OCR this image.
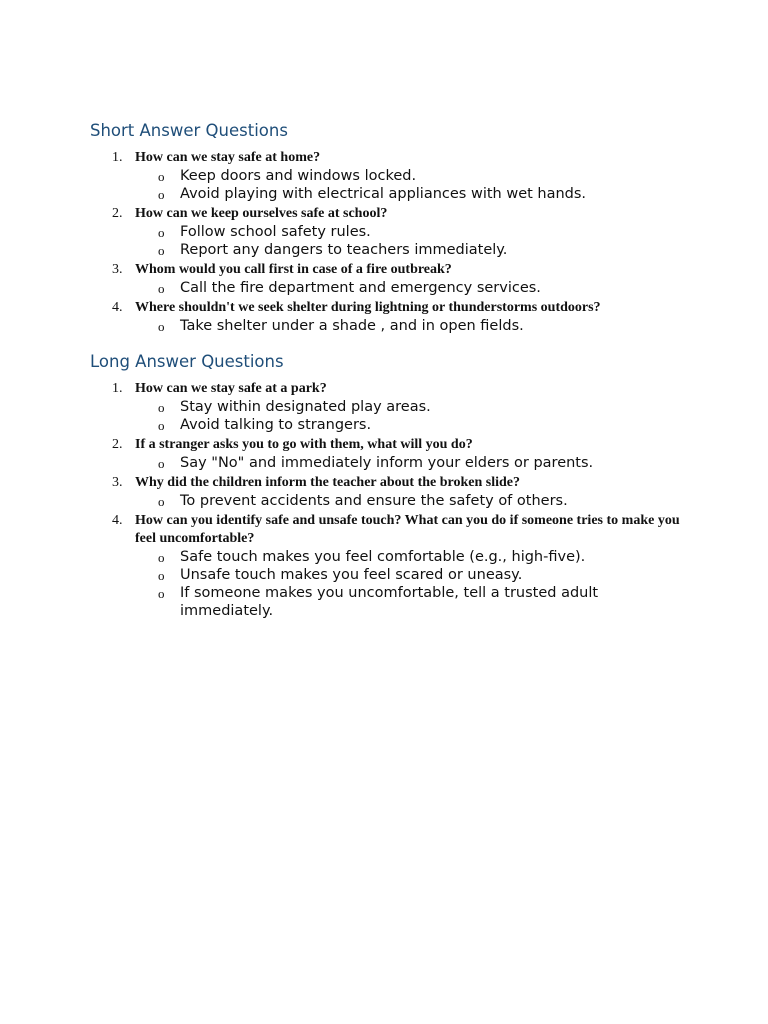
Short Answer Questions
1. How can we stay safe at home?
o Keep doors and windows locked.
o Avoid playing with electrical appliances with wet hands.
2. How can we keep ourselves safe at school?
o Follow school safety rules.
o Report any dangers to teachers immediately.
3. Whom would you call first in case of a fire outbreak?
o Call the fire department and emergency services.
4. Where shouldn't we seek shelter during lightning or thunderstorms outdoors?
o Take shelter under a shade , and in open fields.
Long Answer Questions
1. How can we stay safe at a park?
o Stay within designated play areas.
o Avoid talking to strangers.
2. If a stranger asks you to go with them, what will you do?
o Say "No" and immediately inform your elders or parents.
3. Why did the children inform the teacher about the broken slide?
o To prevent accidents and ensure the safety of others.
4. How can you identify safe and unsafe touch? What can you do if someone tries to make you feel uncomfortable?
o Safe touch makes you feel comfortable (e.g., high-five).
o Unsafe touch makes you feel scared or uneasy.
o If someone makes you uncomfortable, tell a trusted adult immediately.
